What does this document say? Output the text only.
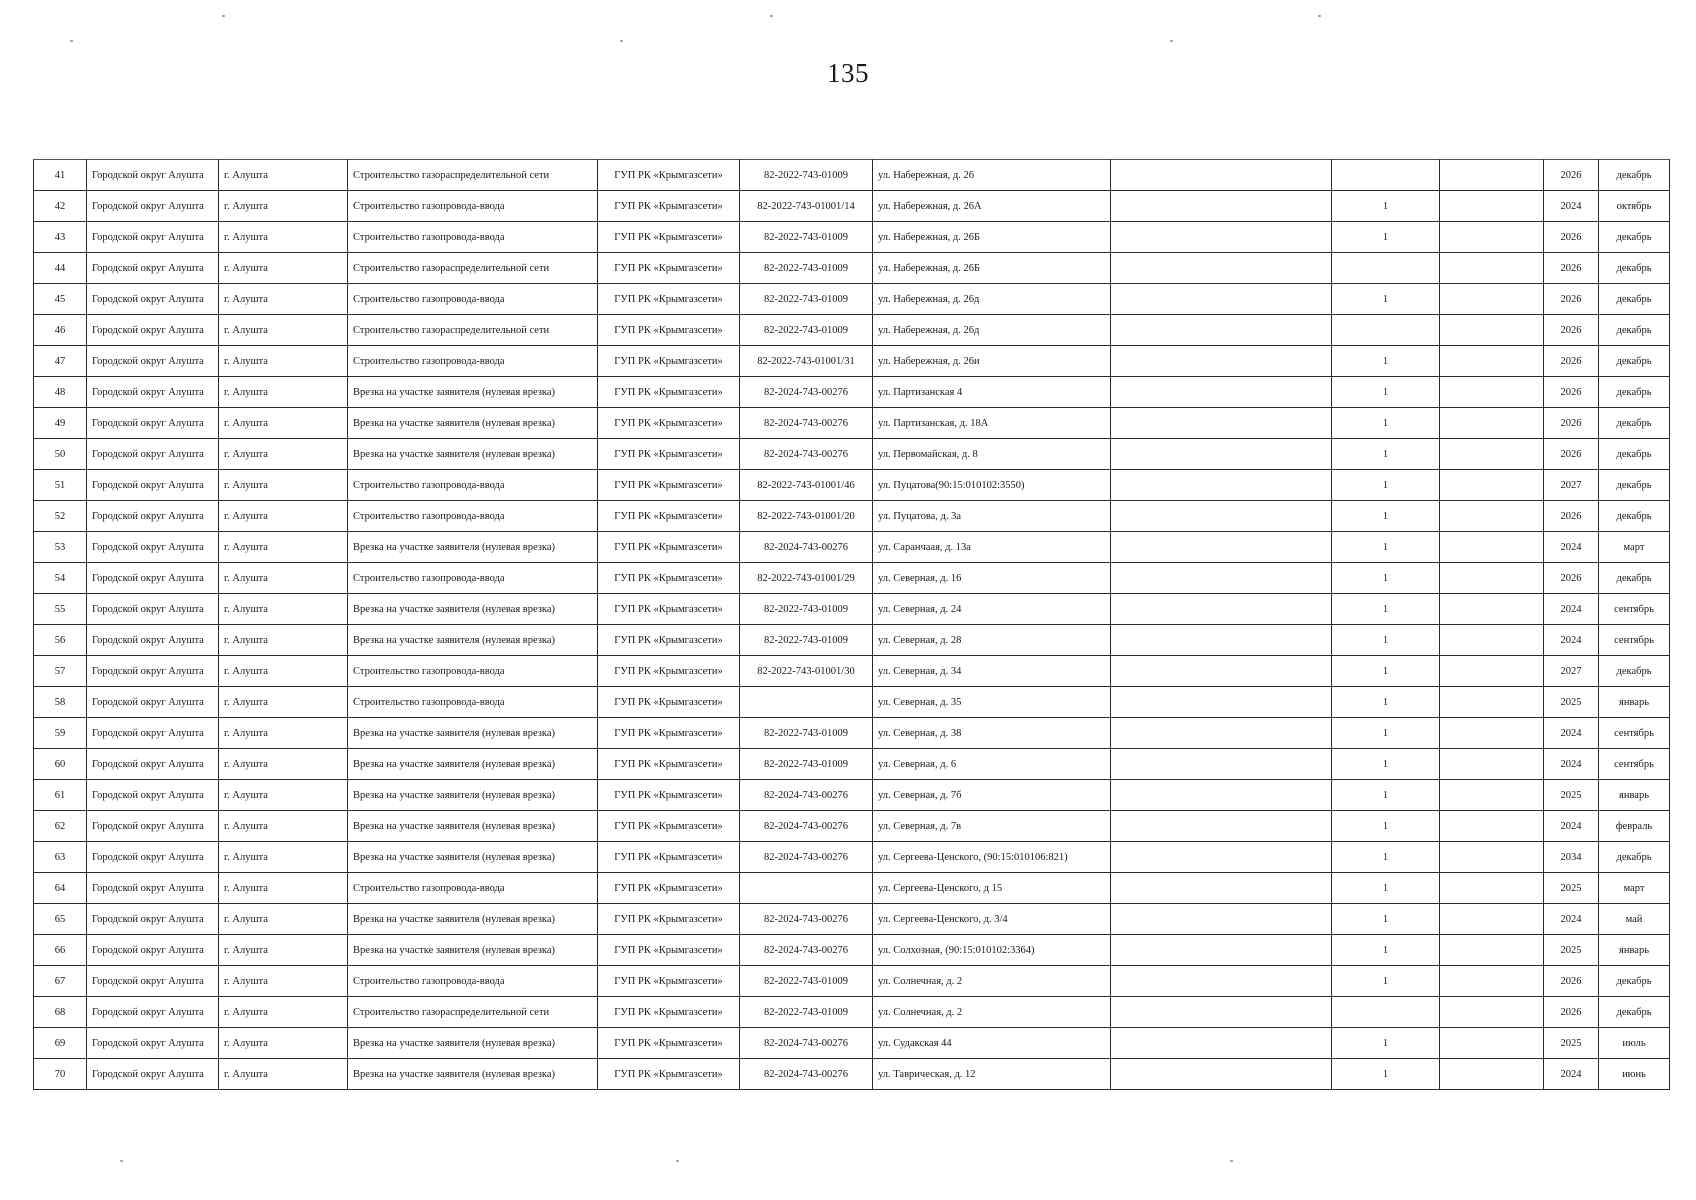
135
41	Городской округ Алушта	г. Алушта	Строительство газораспределительной сети	ГУП РК «Крымгазсети»	82-2022-743-01009	ул. Набережная, д. 26				2026	декабрь
42	Городской округ Алушта	г. Алушта	Строительство газопровода-ввода	ГУП РК «Крымгазсети»	82-2022-743-01001/14	ул. Набережная, д. 26А		1		2024	октябрь
43	Городской округ Алушта	г. Алушта	Строительство газопровода-ввода	ГУП РК «Крымгазсети»	82-2022-743-01009	ул. Набережная, д. 26Б		1		2026	декабрь
44	Городской округ Алушта	г. Алушта	Строительство газораспределительной сети	ГУП РК «Крымгазсети»	82-2022-743-01009	ул. Набережная, д. 26Б				2026	декабрь
45	Городской округ Алушта	г. Алушта	Строительство газопровода-ввода	ГУП РК «Крымгазсети»	82-2022-743-01009	ул. Набережная, д. 26д		1		2026	декабрь
46	Городской округ Алушта	г. Алушта	Строительство газораспределительной сети	ГУП РК «Крымгазсети»	82-2022-743-01009	ул. Набережная, д. 26д				2026	декабрь
47	Городской округ Алушта	г. Алушта	Строительство газопровода-ввода	ГУП РК «Крымгазсети»	82-2022-743-01001/31	ул. Набережная, д. 26и		1		2026	декабрь
48	Городской округ Алушта	г. Алушта	Врезка на участке заявителя (нулевая врезка)	ГУП РК «Крымгазсети»	82-2024-743-00276	ул. Партизанская 4		1		2026	декабрь
49	Городской округ Алушта	г. Алушта	Врезка на участке заявителя (нулевая врезка)	ГУП РК «Крымгазсети»	82-2024-743-00276	ул. Партизанская, д. 18А		1		2026	декабрь
50	Городской округ Алушта	г. Алушта	Врезка на участке заявителя (нулевая врезка)	ГУП РК «Крымгазсети»	82-2024-743-00276	ул. Первомайская, д. 8		1		2026	декабрь
51	Городской округ Алушта	г. Алушта	Строительство газопровода-ввода	ГУП РК «Крымгазсети»	82-2022-743-01001/46	ул. Пуцатова(90:15:010102:3550)		1		2027	декабрь
52	Городской округ Алушта	г. Алушта	Строительство газопровода-ввода	ГУП РК «Крымгазсети»	82-2022-743-01001/20	ул. Пуцатова, д. 3а		1		2026	декабрь
53	Городской округ Алушта	г. Алушта	Врезка на участке заявителя (нулевая врезка)	ГУП РК «Крымгазсети»	82-2024-743-00276	ул. Саранчаая, д. 13а		1		2024	март
54	Городской округ Алушта	г. Алушта	Строительство газопровода-ввода	ГУП РК «Крымгазсети»	82-2022-743-01001/29	ул. Северная, д. 16		1		2026	декабрь
55	Городской округ Алушта	г. Алушта	Врезка на участке заявителя (нулевая врезка)	ГУП РК «Крымгазсети»	82-2022-743-01009	ул. Северная, д. 24		1		2024	сентябрь
56	Городской округ Алушта	г. Алушта	Врезка на участке заявителя (нулевая врезка)	ГУП РК «Крымгазсети»	82-2022-743-01009	ул. Северная, д. 28		1		2024	сентябрь
57	Городской округ Алушта	г. Алушта	Строительство газопровода-ввода	ГУП РК «Крымгазсети»	82-2022-743-01001/30	ул. Северная, д. 34		1		2027	декабрь
58	Городской округ Алушта	г. Алушта	Строительство газопровода-ввода	ГУП РК «Крымгазсети»		ул. Северная, д. 35		1		2025	январь
59	Городской округ Алушта	г. Алушта	Врезка на участке заявителя (нулевая врезка)	ГУП РК «Крымгазсети»	82-2022-743-01009	ул. Северная, д. 38		1		2024	сентябрь
60	Городской округ Алушта	г. Алушта	Врезка на участке заявителя (нулевая врезка)	ГУП РК «Крымгазсети»	82-2022-743-01009	ул. Северная, д. 6		1		2024	сентябрь
61	Городской округ Алушта	г. Алушта	Врезка на участке заявителя (нулевая врезка)	ГУП РК «Крымгазсети»	82-2024-743-00276	ул. Северная, д. 7б		1		2025	январь
62	Городской округ Алушта	г. Алушта	Врезка на участке заявителя (нулевая врезка)	ГУП РК «Крымгазсети»	82-2024-743-00276	ул. Северная, д. 7в		1		2024	февраль
63	Городской округ Алушта	г. Алушта	Врезка на участке заявителя (нулевая врезка)	ГУП РК «Крымгазсети»	82-2024-743-00276	ул. Сергеева-Ценского, (90:15:010106:821)		1		2034	декабрь
64	Городской округ Алушта	г. Алушта	Строительство газопровода-ввода	ГУП РК «Крымгазсети»		ул. Сергеева-Ценского, д 15		1		2025	март
65	Городской округ Алушта	г. Алушта	Врезка на участке заявителя (нулевая врезка)	ГУП РК «Крымгазсети»	82-2024-743-00276	ул. Сергеева-Ценского, д. 3/4		1		2024	май
66	Городской округ Алушта	г. Алушта	Врезка на участке заявителя (нулевая врезка)	ГУП РК «Крымгазсети»	82-2024-743-00276	ул. Солхозная, (90:15:010102:3364)		1		2025	январь
67	Городской округ Алушта	г. Алушта	Строительство газопровода-ввода	ГУП РК «Крымгазсети»	82-2022-743-01009	ул. Солнечная, д. 2		1		2026	декабрь
68	Городской округ Алушта	г. Алушта	Строительство газораспределительной сети	ГУП РК «Крымгазсети»	82-2022-743-01009	ул. Солнечная, д. 2				2026	декабрь
69	Городской округ Алушта	г. Алушта	Врезка на участке заявителя (нулевая врезка)	ГУП РК «Крымгазсети»	82-2024-743-00276	ул. Судакская 44		1		2025	июль
70	Городской округ Алушта	г. Алушта	Врезка на участке заявителя (нулевая врезка)	ГУП РК «Крымгазсети»	82-2024-743-00276	ул. Таврическая, д. 12		1		2024	июнь
